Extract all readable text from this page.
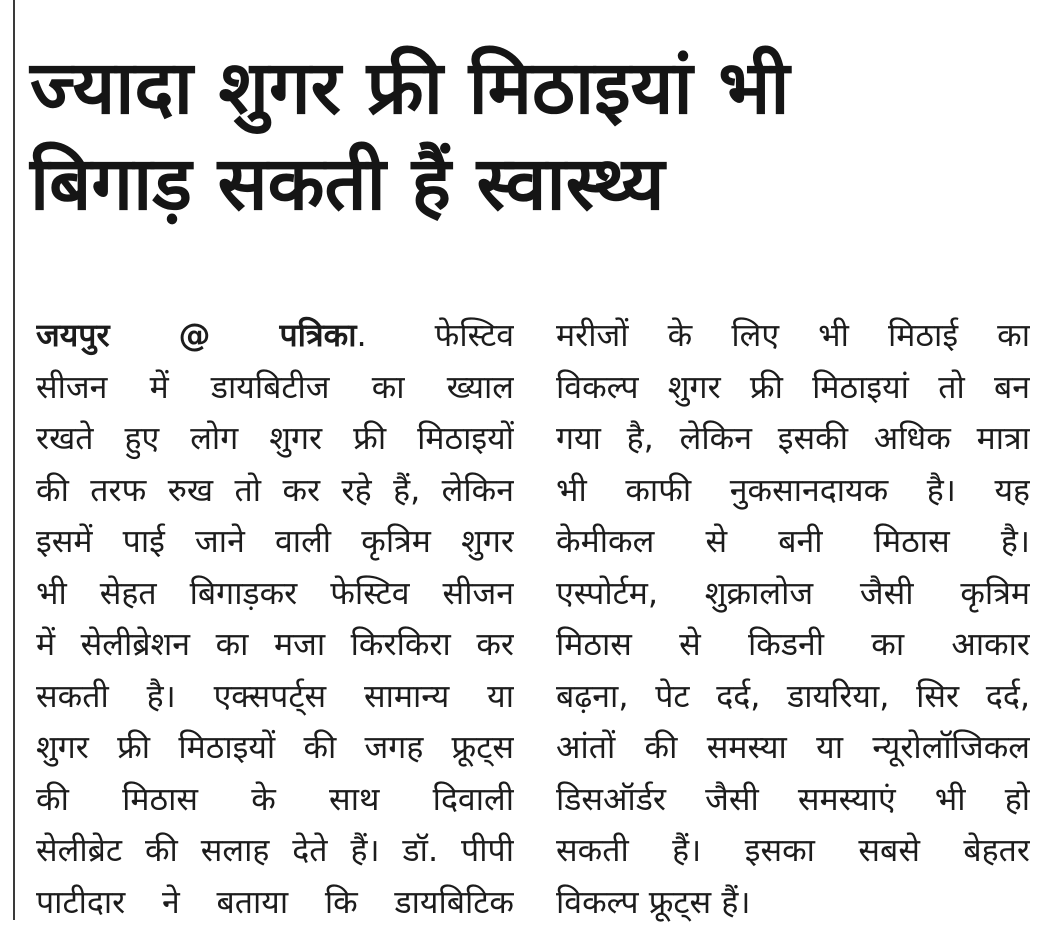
ज्यादा शुगर फ्री मिठाइयां भी
बिगाड़ सकती हैं स्वास्थ्य
जयपुर @ पत्रिका. फेस्टिव
सीजन में डायबिटीज का ख्याल
रखते हुए लोग शुगर फ्री मिठाइयों
की तरफ रुख तो कर रहे हैं, लेकिन
इसमें पाई जाने वाली कृत्रिम शुगर
भी सेहत बिगाड़कर फेस्टिव सीजन
में सेलीब्रेशन का मजा किरकिरा कर
सकती है। एक्सपर्ट्स सामान्य या
शुगर फ्री मिठाइयों की जगह फ्रूट्स
की मिठास के साथ दिवाली
सेलीब्रेट की सलाह देते हैं। डॉ. पीपी
पाटीदार ने बताया कि डायबिटिक
मरीजों के लिए भी मिठाई का
विकल्प शुगर फ्री मिठाइयां तो बन
गया है, लेकिन इसकी अधिक मात्रा
भी काफी नुकसानदायक है। यह
केमीकल से बनी मिठास है।
एस्पोर्टम, शुक्रालोज जैसी कृत्रिम
मिठास से किडनी का आकार
बढ़ना, पेट दर्द, डायरिया, सिर दर्द,
आंतों की समस्या या न्यूरोलॉजिकल
डिसऑर्डर जैसी समस्याएं भी हो
सकती हैं। इसका सबसे बेहतर
विकल्प फ्रूट्स हैं।
